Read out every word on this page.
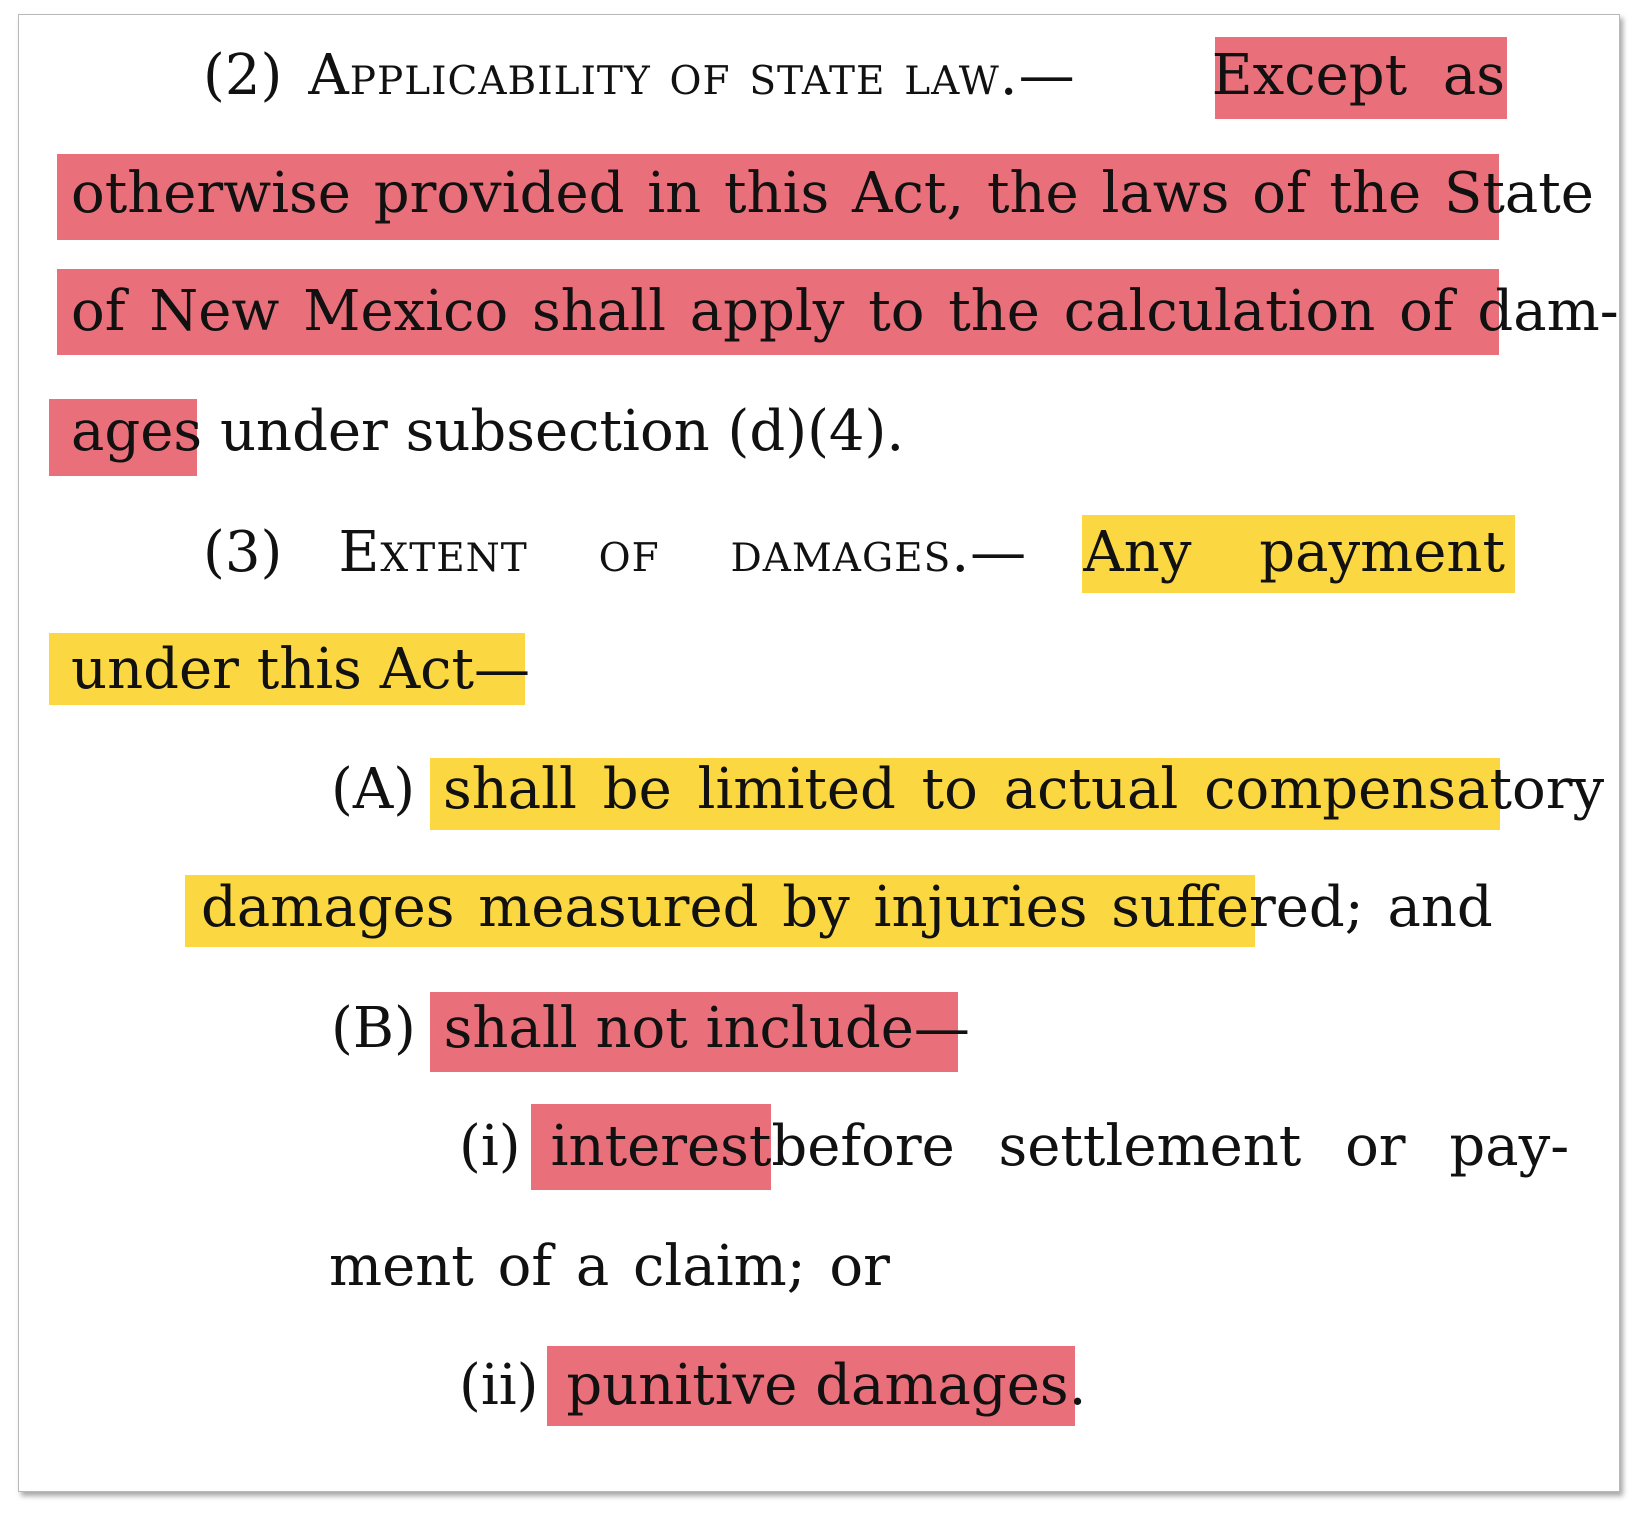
(2) Applicability of state law.— Except as
otherwise provided in this Act, the laws of the State
of New Mexico shall apply to the calculation of dam-
ages under subsection (d)(4).
(3) Extent of damages.— Any payment
under this Act—
(A) shall be limited to actual compensatory
damages measured by injuries suffered; and
(B) shall not include—
(i) interest before settlement or pay-
ment of a claim; or
(ii) punitive damages.
